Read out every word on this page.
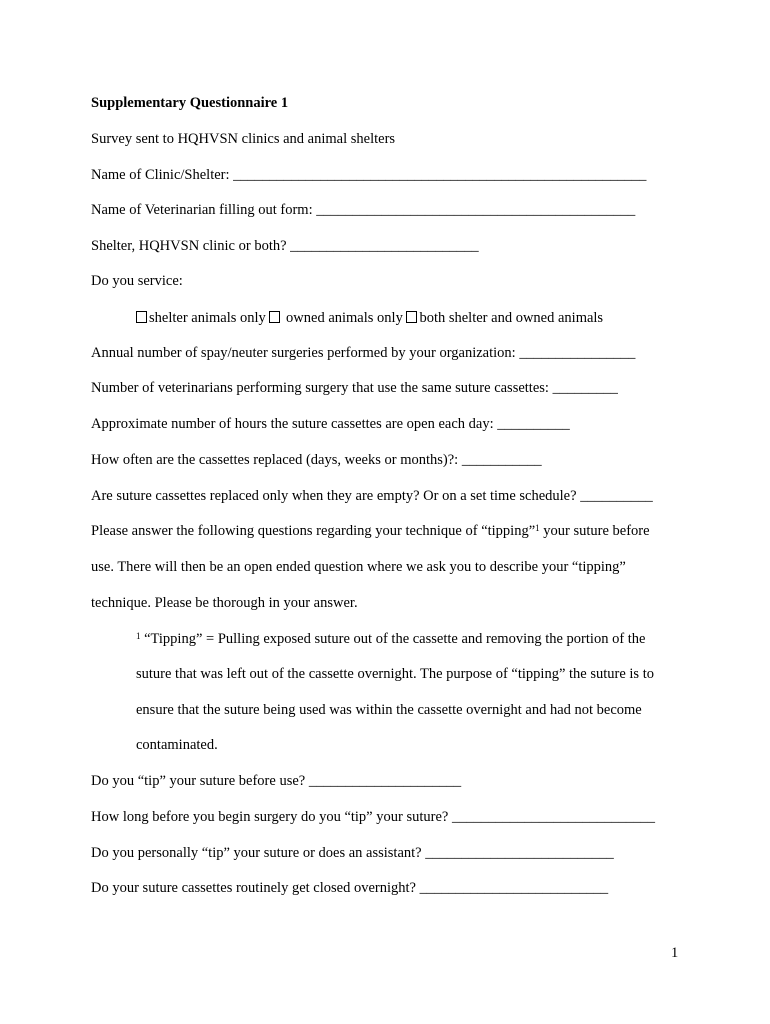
Supplementary Questionnaire 1
Survey sent to HQHVSN clinics and animal shelters
Name of Clinic/Shelter: _________________________________________________________
Name of Veterinarian filling out form: ____________________________________________
Shelter, HQHVSN clinic or both? __________________________
Do you service:
shelter animals only  owned animals only both shelter and owned animals
Annual number of spay/neuter surgeries performed by your organization: ________________
Number of veterinarians performing surgery that use the same suture cassettes: _________
Approximate number of hours the suture cassettes are open each day: __________
How often are the cassettes replaced (days, weeks or months)?: ___________
Are suture cassettes replaced only when they are empty? Or on a set time schedule? __________
Please answer the following questions regarding your technique of “tipping”$^1$ your suture before
use. There will then be an open ended question where we ask you to describe your “tipping”
technique. Please be thorough in your answer.
$^1$ “Tipping” = Pulling exposed suture out of the cassette and removing the portion of the
suture that was left out of the cassette overnight. The purpose of “tipping” the suture is to
ensure that the suture being used was within the cassette overnight and had not become
contaminated.
Do you “tip” your suture before use? _____________________
How long before you begin surgery do you “tip” your suture? ____________________________
Do you personally “tip” your suture or does an assistant? __________________________
Do your suture cassettes routinely get closed overnight? __________________________
1
